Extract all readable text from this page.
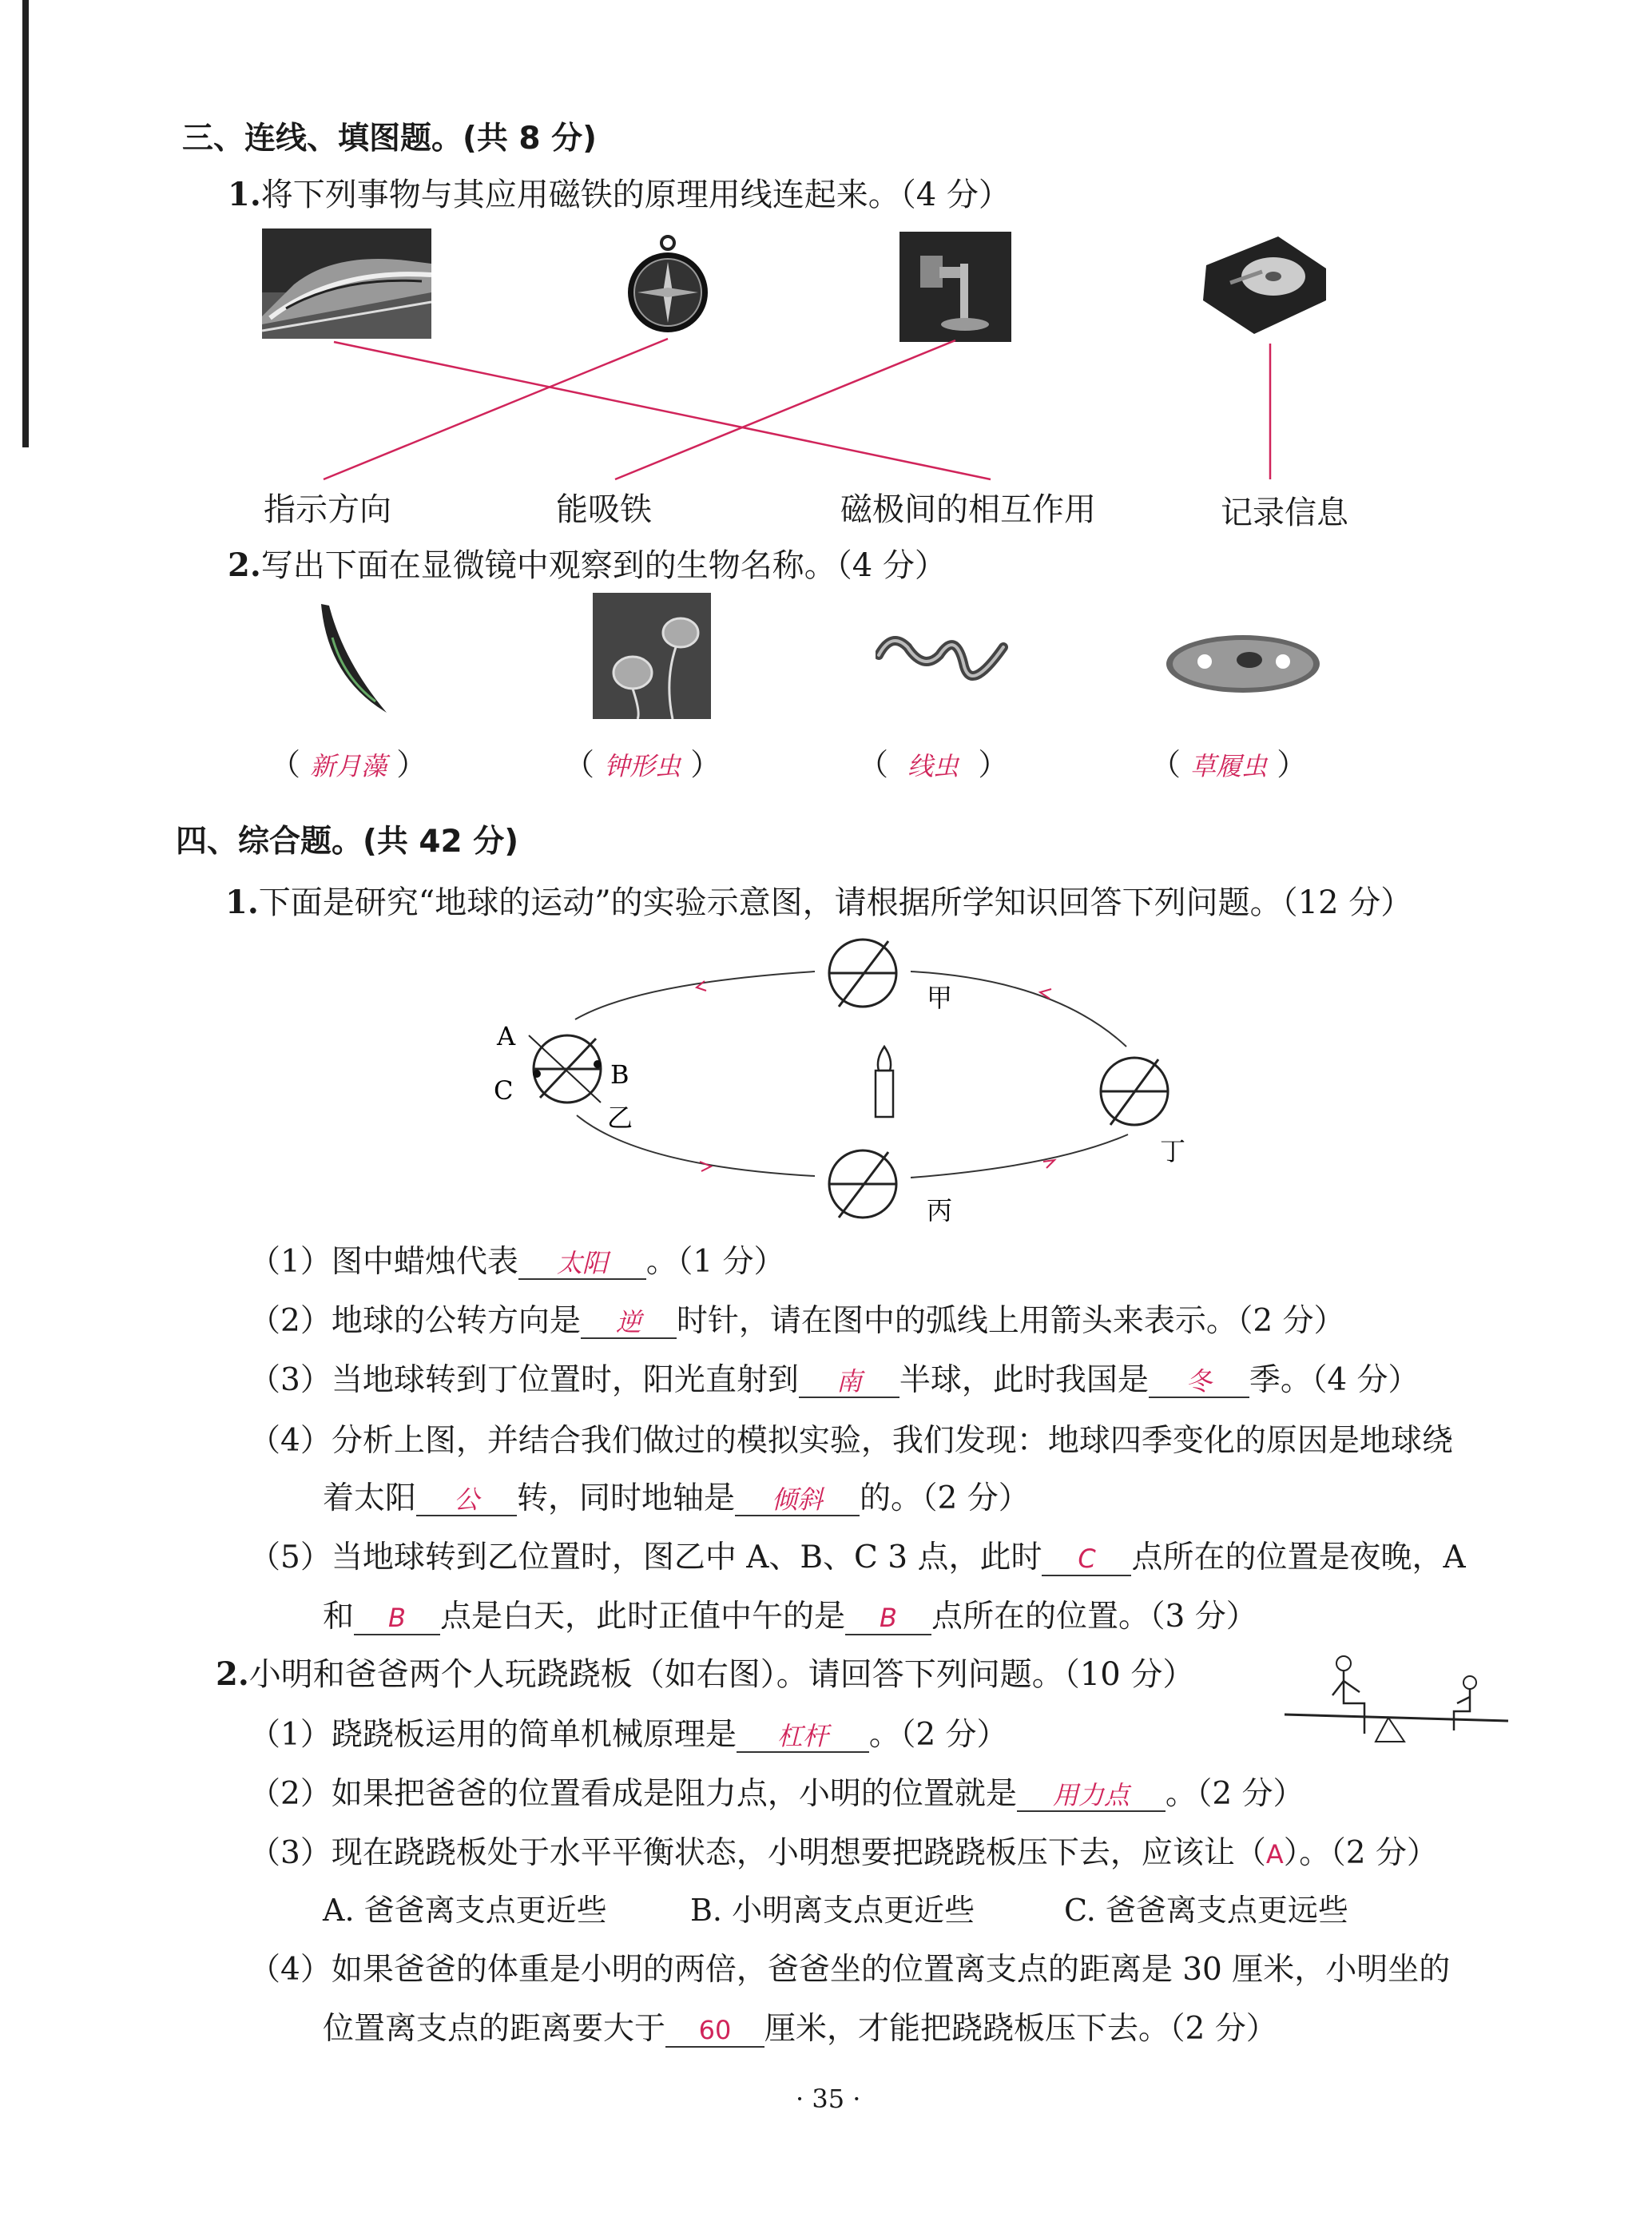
三、连线、填图题。(共 8 分)
1.将下列事物与其应用磁铁的原理用线连起来。（4 分）
指示方向	能吸铁	磁极间的相互作用	记录信息
2.写出下面在显微镜中观察到的生物名称。（4 分）
（ 新月藻 ）	（ 钟形虫 ）	（  线虫  ）	（ 草履虫 ）
四、综合题。(共 42 分)
1.下面是研究“地球的运动”的实验示意图，请根据所学知识回答下列问题。（12 分）
甲
乙
丙
丁
A
B
C
（1）图中蜡烛代表 太阳 。（1 分）
（2）地球的公转方向是 逆 时针，请在图中的弧线上用箭头来表示。（2 分）
（3）当地球转到丁位置时，阳光直射到 南 半球，此时我国是 冬 季。（4 分）
（4）分析上图，并结合我们做过的模拟实验，我们发现：地球四季变化的原因是地球绕
着太阳 公 转，同时地轴是 倾斜 的。（2 分）
（5）当地球转到乙位置时，图乙中 A、B、C 3 点，此时 C 点所在的位置是夜晚，A
和 B 点是白天，此时正值中午的是 B 点所在的位置。（3 分）
2.小明和爸爸两个人玩跷跷板（如右图）。请回答下列问题。（10 分）
（1）跷跷板运用的简单机械原理是 杠杆 。（2 分）
（2）如果把爸爸的位置看成是阻力点，小明的位置就是 用力点 。（2 分）
（3）现在跷跷板处于水平平衡状态，小明想要把跷跷板压下去，应该让（A）。（2 分）
A. 爸爸离支点更近些	B. 小明离支点更近些	C. 爸爸离支点更远些
（4）如果爸爸的体重是小明的两倍，爸爸坐的位置离支点的距离是 30 厘米，小明坐的
位置离支点的距离要大于 60 厘米，才能把跷跷板压下去。（2 分）
· 35 ·
